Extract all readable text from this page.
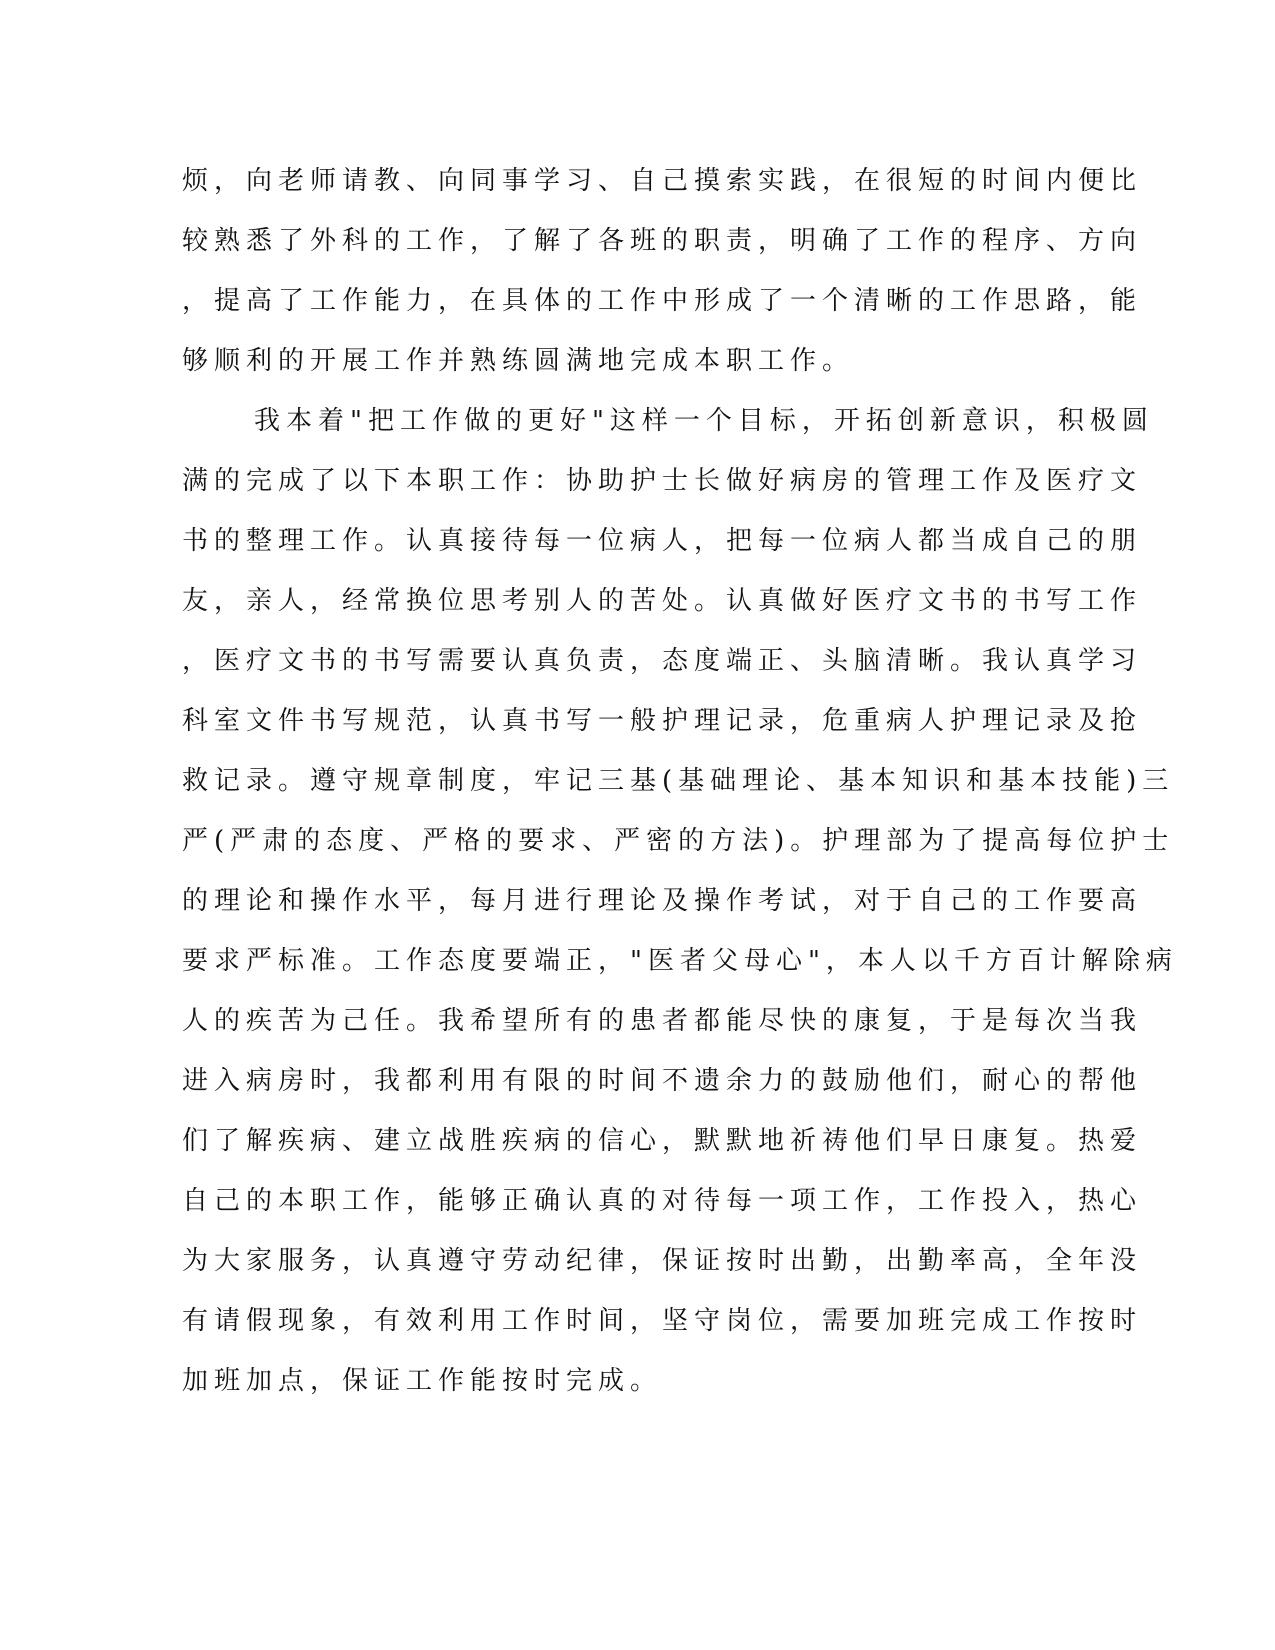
烦，向老师请教、向同事学习、自己摸索实践，在很短的时间内便比
较熟悉了外科的工作，了解了各班的职责，明确了工作的程序、方向
，提高了工作能力，在具体的工作中形成了一个清晰的工作思路，能
够顺利的开展工作并熟练圆满地完成本职工作。
我本着"把工作做的更好"这样一个目标，开拓创新意识，积极圆
满的完成了以下本职工作：协助护士长做好病房的管理工作及医疗文
书的整理工作。认真接待每一位病人，把每一位病人都当成自己的朋
友，亲人，经常换位思考别人的苦处。认真做好医疗文书的书写工作
，医疗文书的书写需要认真负责，态度端正、头脑清晰。我认真学习
科室文件书写规范，认真书写一般护理记录，危重病人护理记录及抢
救记录。遵守规章制度，牢记三基(基础理论、基本知识和基本技能)三
严(严肃的态度、严格的要求、严密的方法)。护理部为了提高每位护士
的理论和操作水平，每月进行理论及操作考试，对于自己的工作要高
要求严标准。工作态度要端正，"医者父母心"，本人以千方百计解除病
人的疾苦为己任。我希望所有的患者都能尽快的康复，于是每次当我
进入病房时，我都利用有限的时间不遗余力的鼓励他们，耐心的帮他
们了解疾病、建立战胜疾病的信心，默默地祈祷他们早日康复。热爱
自己的本职工作，能够正确认真的对待每一项工作，工作投入，热心
为大家服务，认真遵守劳动纪律，保证按时出勤，出勤率高，全年没
有请假现象，有效利用工作时间，坚守岗位，需要加班完成工作按时
加班加点，保证工作能按时完成。
